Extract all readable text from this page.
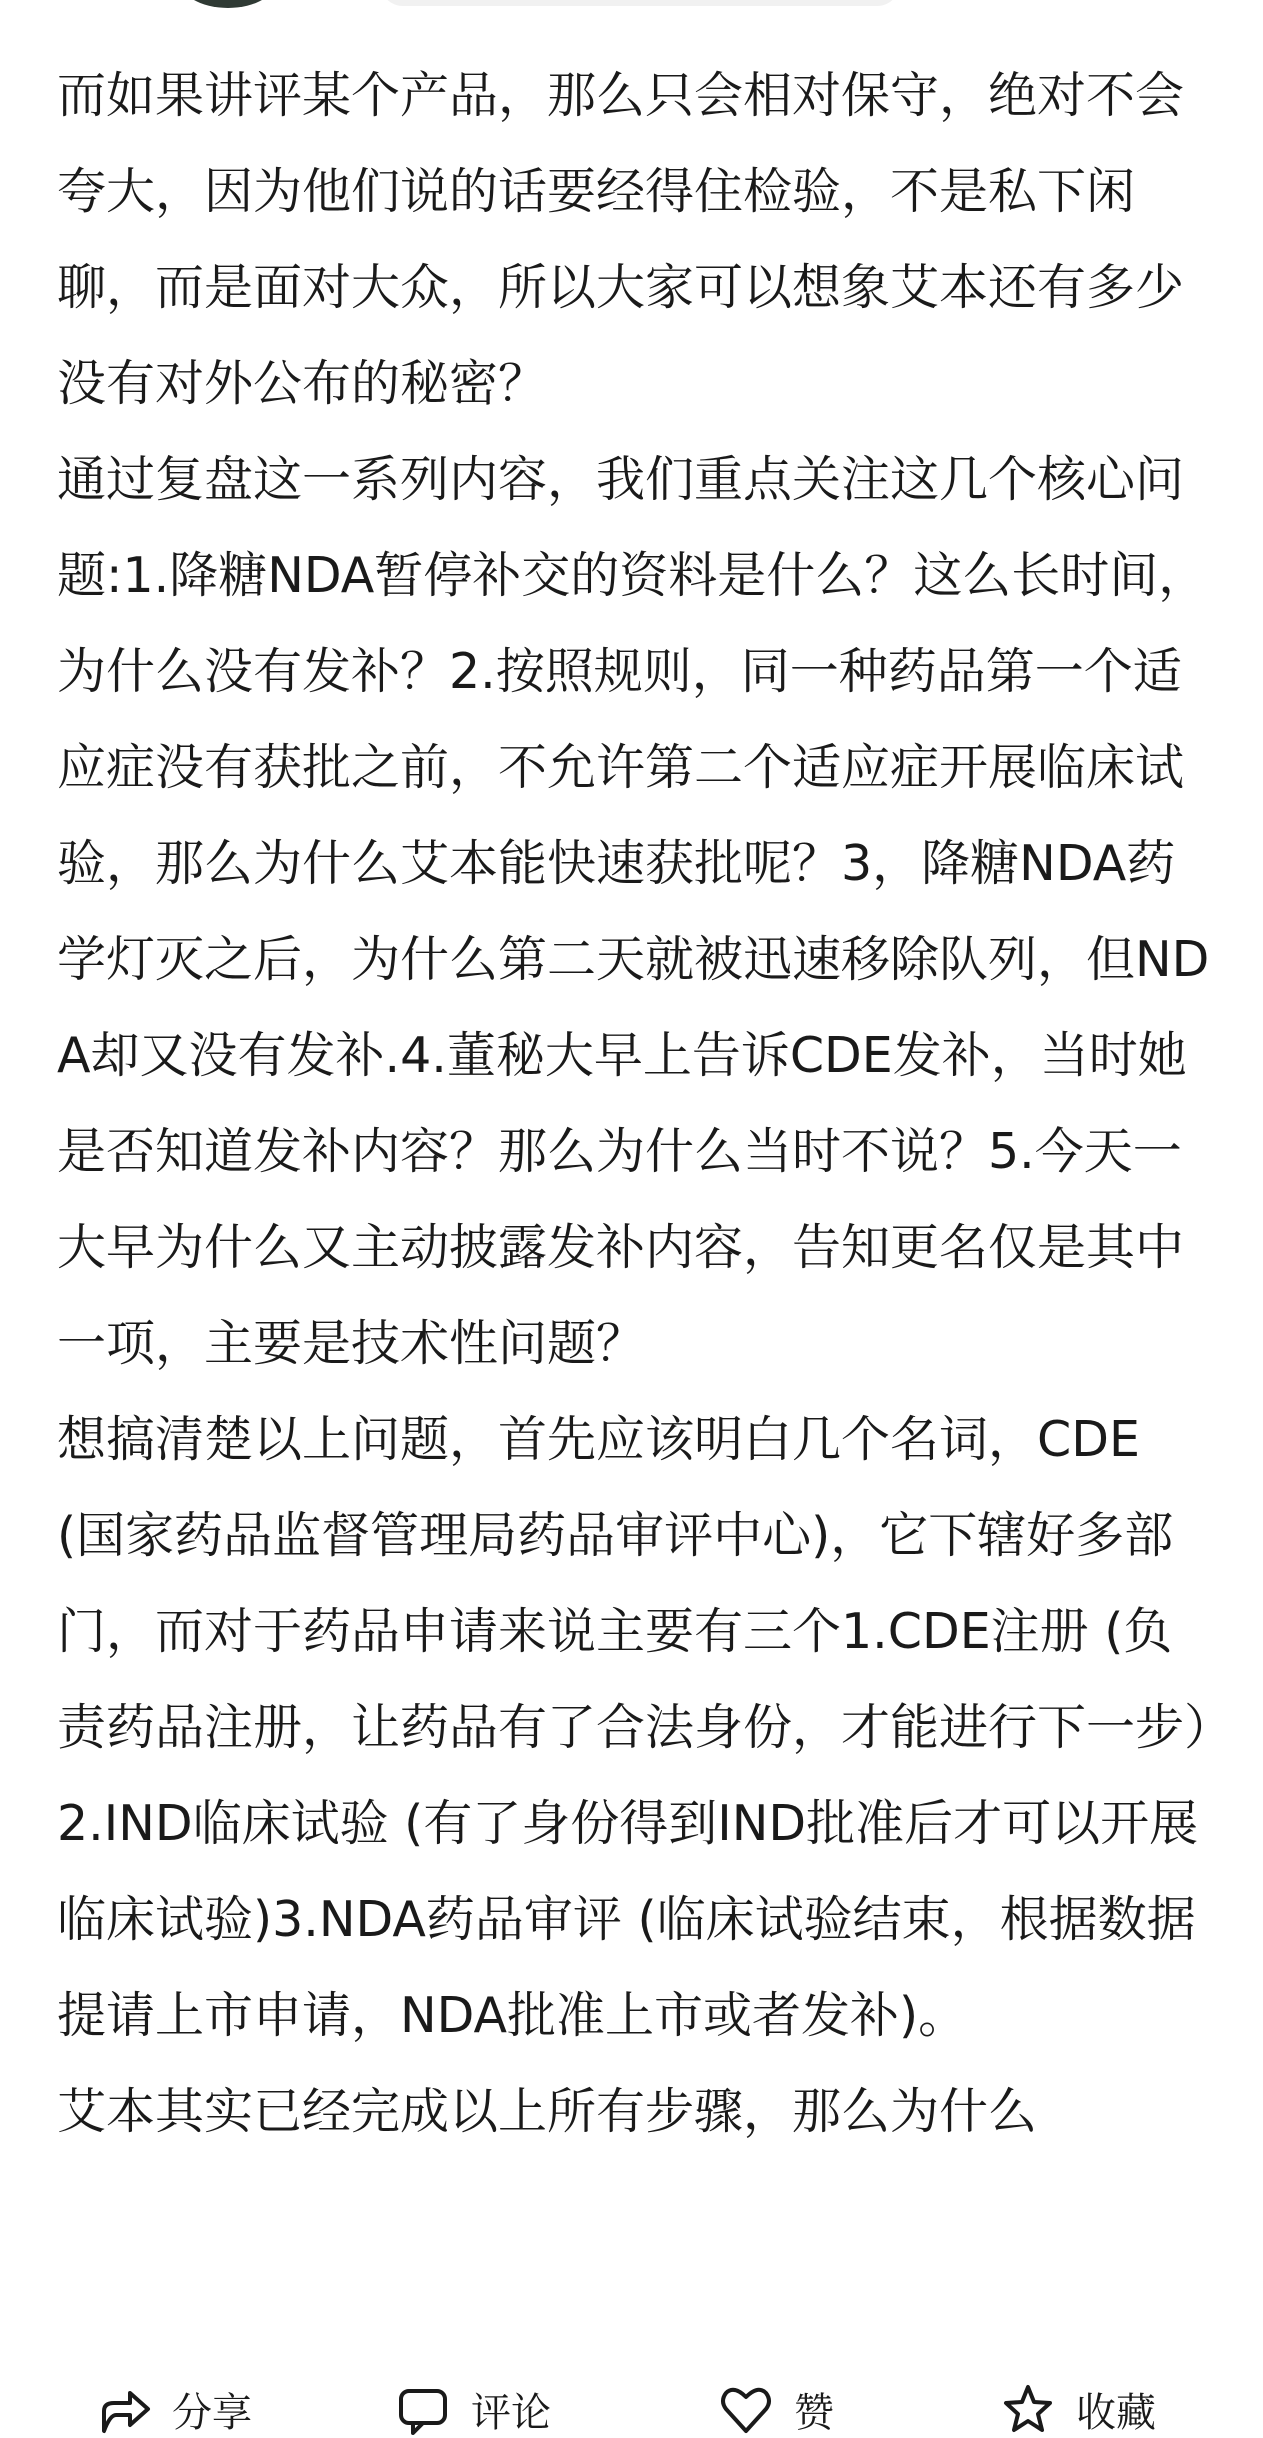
而如果讲评某个产品，那么只会相对保守，绝对不会夸大，因为他们说的话要经得住检验，不是私下闲聊，而是面对大众，所以大家可以想象艾本还有多少没有对外公布的秘密？

通过复盘这一系列内容，我们重点关注这几个核心问题:1.降糖NDA暂停补交的资料是什么？这么长时间，为什么没有发补？2.按照规则，同一种药品第一个适应症没有获批之前，不允许第二个适应症开展临床试验，那么为什么艾本能快速获批呢？3，降糖NDA药学灯灭之后，为什么第二天就被迅速移除队列，但NDA却又没有发补.4.董秘大早上告诉CDE发补，当时她是否知道发补内容？那么为什么当时不说？5.今天一大早为什么又主动披露发补内容，告知更名仅是其中一项，主要是技术性问题？

想搞清楚以上问题，首先应该明白几个名词，CDE (国家药品监督管理局药品审评中心)，它下辖好多部门，而对于药品申请来说主要有三个1.CDE注册 (负责药品注册，让药品有了合法身份，才能进行下一步）2.IND临床试验 (有了身份得到IND批准后才可以开展临床试验)3.NDA药品审评 (临床试验结束，根据数据提请上市申请，NDA批准上市或者发补)。

艾本其实已经完成以上所有步骤，那么为什么

分享	评论	赞	收藏
